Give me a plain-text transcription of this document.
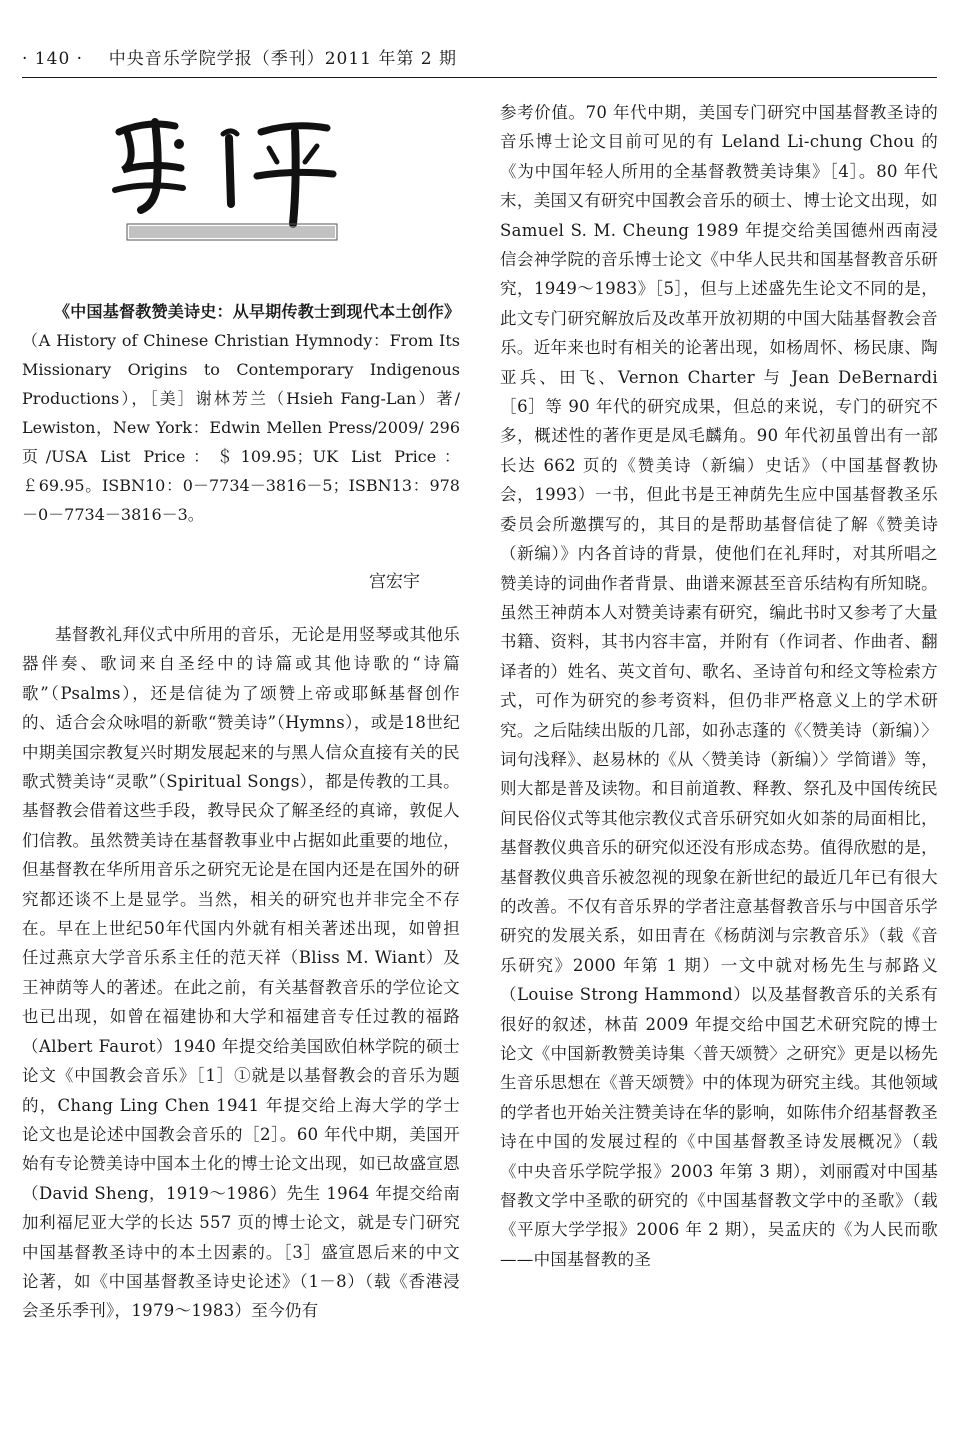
· 140 · 中央音乐学院学报（季刊）2011 年第 2 期
《中国基督教赞美诗史：从早期传教士到现代本土创作》（A History of Chinese Christian Hymnody：From Its Missionary Origins to Contemporary Indigenous Productions），［美］谢林芳兰（Hsieh Fang-Lan）著/ Lewiston，New York：Edwin Mellen Press/2009/ 296 页/USA List Price：＄109.95；UK List Price：￡69.95。ISBN10：0－7734－3816－5；ISBN13：978－0－7734－3816－3。
宫宏宇

基督教礼拜仪式中所用的音乐，无论是用竖琴或其他乐器伴奏、歌词来自圣经中的诗篇或其他诗歌的“诗篇歌”（Psalms），还是信徒为了颂赞上帝或耶稣基督创作的、适合会众咏唱的新歌“赞美诗”（Hymns），或是18世纪中期美国宗教复兴时期发展起来的与黑人信众直接有关的民歌式赞美诗“灵歌”（Spiritual Songs），都是传教的工具。基督教会借着这些手段，教导民众了解圣经的真谛，敦促人们信教。虽然赞美诗在基督教事业中占据如此重要的地位，但基督教在华所用音乐之研究无论是在国内还是在国外的研究都还谈不上是显学。当然，相关的研究也并非完全不存在。早在上世纪50年代国内外就有相关著述出现，如曾担任过燕京大学音乐系主任的范天祥（Bliss M. Wiant）及王神荫等人的著述。在此之前，有关基督教音乐的学位论文也已出现，如曾在福建协和大学和福建音专任过教的福路（Albert Faurot）1940 年提交给美国欧伯林学院的硕士论文《中国教会音乐》［1］①就是以基督教会的音乐为题的，Chang Ling Chen 1941 年提交给上海大学的学士论文也是论述中国教会音乐的［2］。60 年代中期，美国开始有专论赞美诗中国本土化的博士论文出现，如已故盛宣恩（David Sheng，1919～1986）先生 1964 年提交给南加利福尼亚大学的长达 557 页的博士论文，就是专门研究中国基督教圣诗中的本土因素的。［3］盛宣恩后来的中文论著，如《中国基督教圣诗史论述》（1－8）（载《香港浸会圣乐季刊》，1979～1983）至今仍有

参考价值。70 年代中期，美国专门研究中国基督教圣诗的音乐博士论文目前可见的有 Leland Li-chung Chou 的《为中国年轻人所用的全基督教赞美诗集》［4］。80 年代末，美国又有研究中国教会音乐的硕士、博士论文出现，如 Samuel S. M. Cheung 1989 年提交给美国德州西南浸信会神学院的音乐博士论文《中华人民共和国基督教音乐研究，1949～1983》［5］，但与上述盛先生论文不同的是，此文专门研究解放后及改革开放初期的中国大陆基督教会音乐。近年来也时有相关的论著出现，如杨周怀、杨民康、陶亚兵、田飞、Vernon Charter 与 Jean DeBernardi［6］等 90 年代的研究成果，但总的来说，专门的研究不多，概述性的著作更是凤毛麟角。90 年代初虽曾出有一部长达 662 页的《赞美诗（新编）史话》（中国基督教协会，1993）一书，但此书是王神荫先生应中国基督教圣乐委员会所邀撰写的，其目的是帮助基督信徒了解《赞美诗（新编）》内各首诗的背景，使他们在礼拜时，对其所唱之赞美诗的词曲作者背景、曲谱来源甚至音乐结构有所知晓。虽然王神荫本人对赞美诗素有研究，编此书时又参考了大量书籍、资料，其书内容丰富，并附有（作词者、作曲者、翻译者的）姓名、英文首句、歌名、圣诗首句和经文等检索方式，可作为研究的参考资料，但仍非严格意义上的学术研究。之后陆续出版的几部，如孙志蓬的《〈赞美诗（新编）〉词句浅释》、赵易林的《从〈赞美诗（新编）〉学简谱》等，则大都是普及读物。和目前道教、释教、祭孔及中国传统民间民俗仪式等其他宗教仪式音乐研究如火如荼的局面相比，基督教仪典音乐的研究似还没有形成态势。值得欣慰的是，基督教仪典音乐被忽视的现象在新世纪的最近几年已有很大的改善。不仅有音乐界的学者注意基督教音乐与中国音乐学研究的发展关系，如田青在《杨荫浏与宗教音乐》（载《音乐研究》2000 年第 1 期）一文中就对杨先生与郝路义（Louise Strong Hammond）以及基督教音乐的关系有很好的叙述，林苗 2009 年提交给中国艺术研究院的博士论文《中国新教赞美诗集〈普天颂赞〉之研究》更是以杨先生音乐思想在《普天颂赞》中的体现为研究主线。其他领域的学者也开始关注赞美诗在华的影响，如陈伟介绍基督教圣诗在中国的发展过程的《中国基督教圣诗发展概况》（载《中央音乐学院学报》2003 年第 3 期），刘丽霞对中国基督教文学中圣歌的研究的《中国基督教文学中的圣歌》（载《平原大学学报》2006 年 2 期），吴孟庆的《为人民而歌——中国基督教的圣
